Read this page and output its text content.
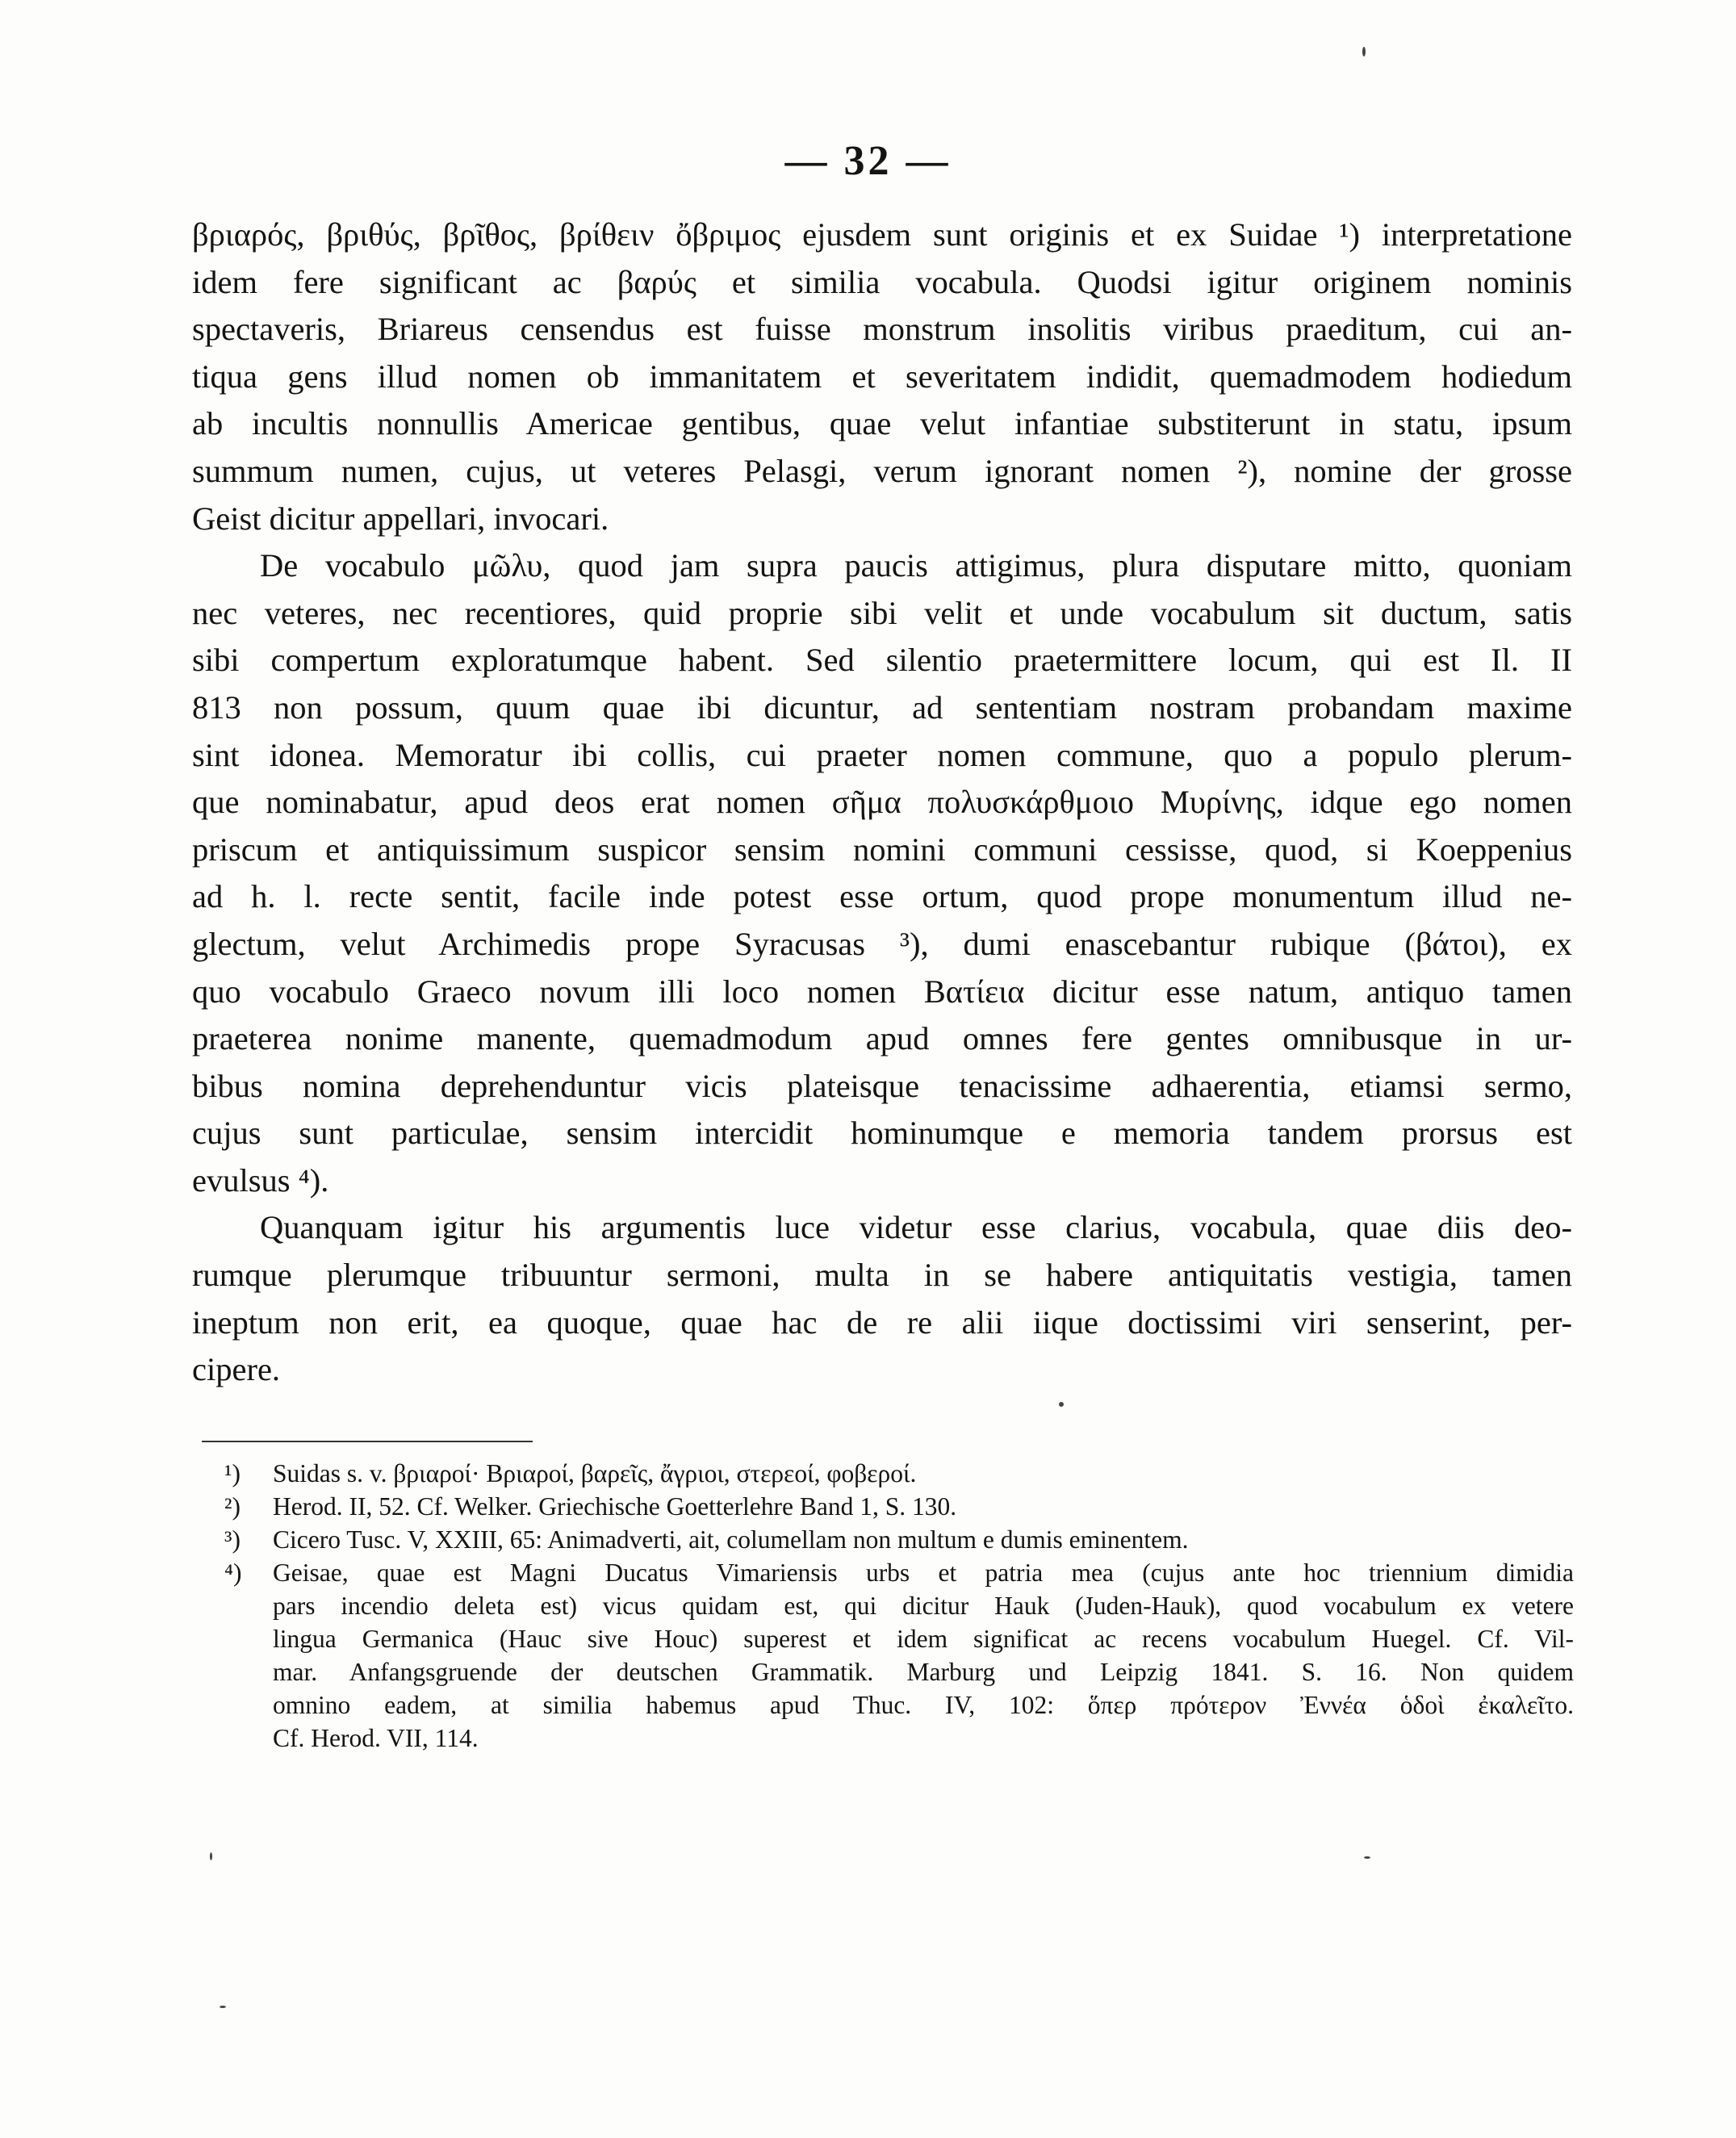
— 32 —
βριαρός, βριθύς, βρῖθος, βρίθειν ὄβριμος ejusdem sunt originis et ex Suidae ¹) interpretatione
idem fere significant ac βαρύς et similia vocabula. Quodsi igitur originem nominis
spectaveris, Briareus censendus est fuisse monstrum insolitis viribus praeditum, cui an-
tiqua gens illud nomen ob immanitatem et severitatem indidit, quemadmodem hodiedum
ab incultis nonnullis Americae gentibus, quae velut infantiae substiterunt in statu, ipsum
summum numen, cujus, ut veteres Pelasgi, verum ignorant nomen ²), nomine der grosse
Geist dicitur appellari, invocari.
De vocabulo μῶλυ, quod jam supra paucis attigimus, plura disputare mitto, quoniam
nec veteres, nec recentiores, quid proprie sibi velit et unde vocabulum sit ductum, satis
sibi compertum exploratumque habent. Sed silentio praetermittere locum, qui est Il. II
813 non possum, quum quae ibi dicuntur, ad sententiam nostram probandam maxime
sint idonea. Memoratur ibi collis, cui praeter nomen commune, quo a populo plerum-
que nominabatur, apud deos erat nomen σῆμα πολυσκάρθμοιο Μυρίνης, idque ego nomen
priscum et antiquissimum suspicor sensim nomini communi cessisse, quod, si Koeppenius
ad h. l. recte sentit, facile inde potest esse ortum, quod prope monumentum illud ne-
glectum, velut Archimedis prope Syracusas ³), dumi enascebantur rubique (βάτοι), ex
quo vocabulo Graeco novum illi loco nomen Βατίεια dicitur esse natum, antiquo tamen
praeterea nonime manente, quemadmodum apud omnes fere gentes omnibusque in ur-
bibus nomina deprehenduntur vicis plateisque tenacissime adhaerentia, etiamsi sermo,
cujus sunt particulae, sensim intercidit hominumque e memoria tandem prorsus est
evulsus ⁴).
Quanquam igitur his argumentis luce videtur esse clarius, vocabula, quae diis deo-
rumque plerumque tribuuntur sermoni, multa in se habere antiquitatis vestigia, tamen
ineptum non erit, ea quoque, quae hac de re alii iique doctissimi viri senserint, per-
cipere.
¹) Suidas s. v. βριαροί· Βριαροί, βαρεῖς, ἄγριοι, στερεοί, φοβεροί.
²) Herod. II, 52. Cf. Welker. Griechische Goetterlehre Band 1, S. 130.
³) Cicero Tusc. V, XXIII, 65: Animadverti, ait, columellam non multum e dumis eminentem.
⁴) Geisae, quae est Magni Ducatus Vimariensis urbs et patria mea (cujus ante hoc triennium dimidia
pars incendio deleta est) vicus quidam est, qui dicitur Hauk (Juden-Hauk), quod vocabulum ex vetere
lingua Germanica (Hauc sive Houc) superest et idem significat ac recens vocabulum Huegel. Cf. Vil-
mar. Anfangsgruende der deutschen Grammatik. Marburg und Leipzig 1841. S. 16. Non quidem
omnino eadem, at similia habemus apud Thuc. IV, 102: ὅπερ πρότερον Ἐννέα ὁδοὶ ἐκαλεῖτο.
Cf. Herod. VII, 114.
